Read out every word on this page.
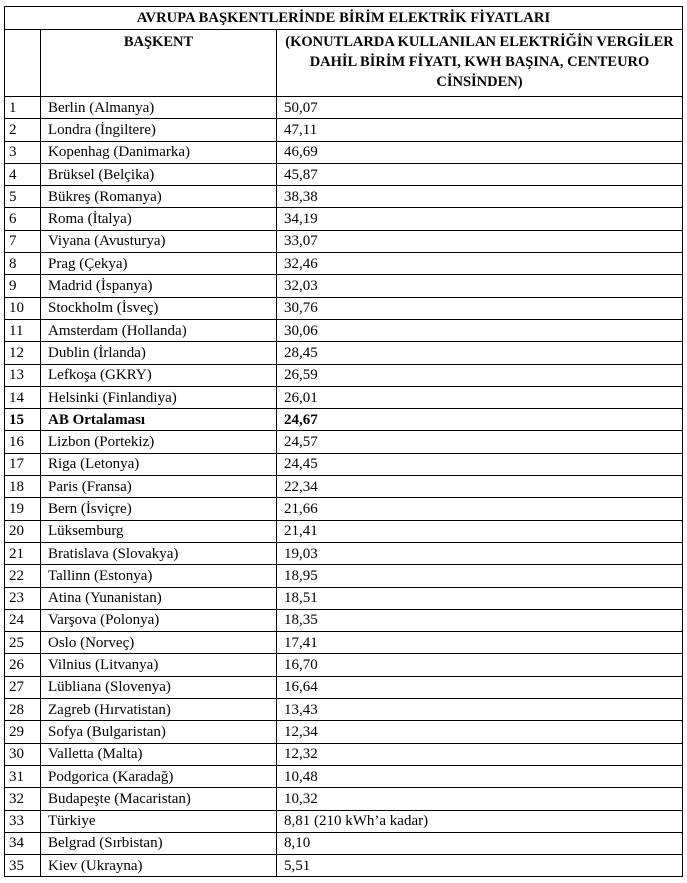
AVRUPA BAŞKENTLERİNDE BİRİM ELEKTRİK FİYATLARI		

	BAŞKENT	(KONUTLARDA KULLANILAN ELEKTRİĞİN VERGİLER DAHİL BİRİM FİYATI, KWH BAŞINA, CENTEURO CİNSİNDEN)

1	Berlin (Almanya)	50,07
2	Londra (İngiltere)	47,11
3	Kopenhag (Danimarka)	46,69
4	Brüksel (Belçika)	45,87
5	Bükreş (Romanya)	38,38
6	Roma (İtalya)	34,19
7	Viyana (Avusturya)	33,07
8	Prag (Çekya)	32,46
9	Madrid (İspanya)	32,03
10	Stockholm (İsveç)	30,76
11	Amsterdam (Hollanda)	30,06
12	Dublin (İrlanda)	28,45
13	Lefkoşa (GKRY)	26,59
14	Helsinki (Finlandiya)	26,01
15	AB Ortalaması	24,67
16	Lizbon (Portekiz)	24,57
17	Riga (Letonya)	24,45
18	Paris (Fransa)	22,34
19	Bern (İsviçre)	21,66
20	Lüksemburg	21,41
21	Bratislava (Slovakya)	19,03
22	Tallinn (Estonya)	18,95
23	Atina (Yunanistan)	18,51
24	Varşova (Polonya)	18,35
25	Oslo (Norveç)	17,41
26	Vilnius (Litvanya)	16,70
27	Lübliana (Slovenya)	16,64
28	Zagreb (Hırvatistan)	13,43
29	Sofya (Bulgaristan)	12,34
30	Valletta (Malta)	12,32
31	Podgorica (Karadağ)	10,48
32	Budapeşte (Macaristan)	10,32
33	Türkiye	8,81 (210 kWh’a kadar)
34	Belgrad (Sırbistan)	8,10
35	Kiev (Ukrayna)	5,51
